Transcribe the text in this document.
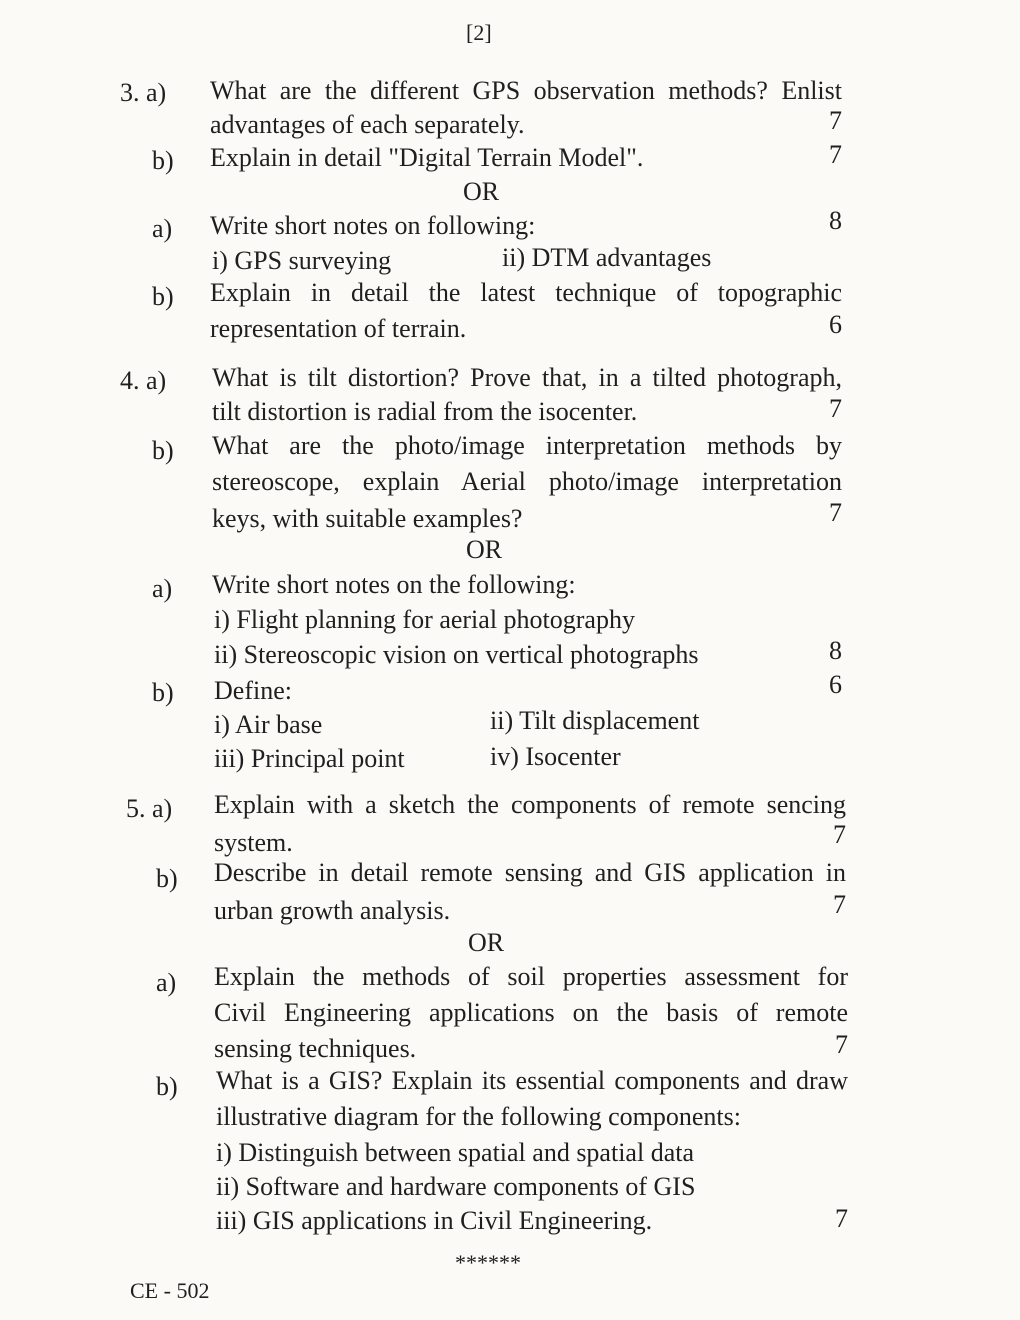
[2]
3. a) What are the different GPS observation methods? Enlist
advantages of each separately.	7
b) Explain in detail "Digital Terrain Model".	7
OR
a) Write short notes on following:	8
i) GPS surveying	ii) DTM advantages
b) Explain in detail the latest technique of topographic
representation of terrain.	6
4. a) What is tilt distortion? Prove that, in a tilted photograph,
tilt distortion is radial from the isocenter.	7
b) What are the photo/image interpretation methods by
stereoscope, explain Aerial photo/image interpretation
keys, with suitable examples?	7
OR
a) Write short notes on the following:
i) Flight planning for aerial photography
ii) Stereoscopic vision on vertical photographs	8
b) Define:	6
i) Air base	ii) Tilt displacement
iii) Principal point	iv) Isocenter
5. a) Explain with a sketch the components of remote sencing
system.	7
b) Describe in detail remote sensing and GIS application in
urban growth analysis.	7
OR
a) Explain the methods of soil properties assessment for
Civil Engineering applications on the basis of remote
sensing techniques.	7
b) What is a GIS? Explain its essential components and draw
illustrative diagram for the following components:
i) Distinguish between spatial and spatial data
ii) Software and hardware components of GIS
iii) GIS applications in Civil Engineering.	7
******
CE - 502
